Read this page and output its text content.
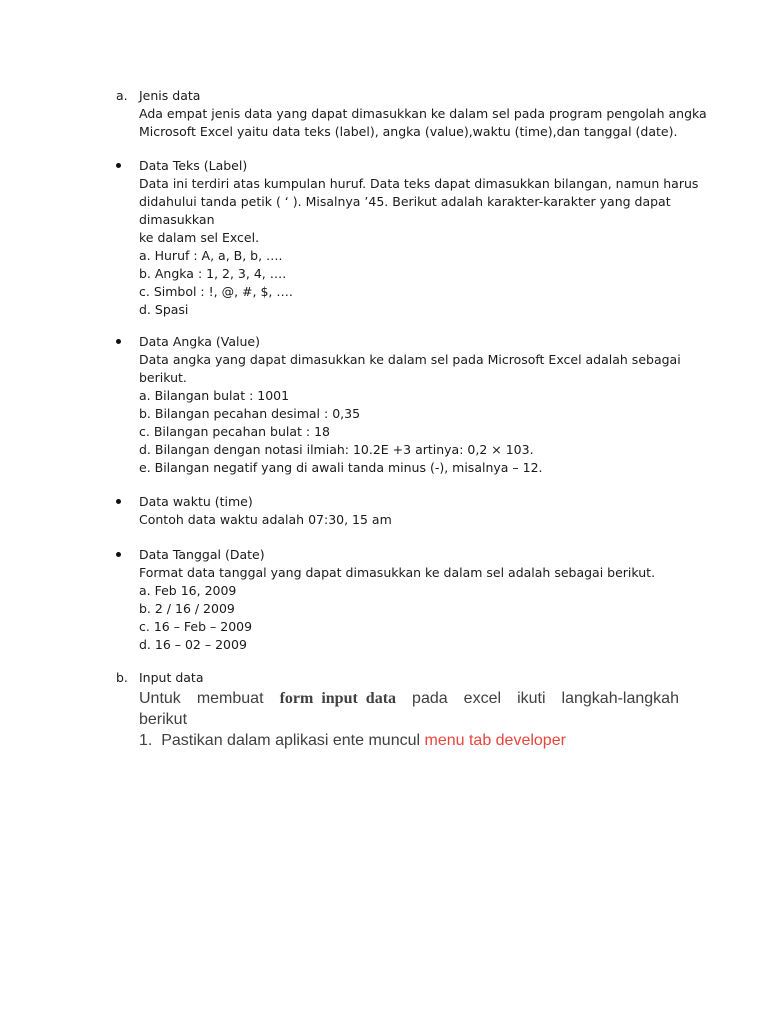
a. Jenis data
Ada empat jenis data yang dapat dimasukkan ke dalam sel pada program pengolah angka
Microsoft Excel yaitu data teks (label), angka (value),waktu (time),dan tanggal (date).
Data Teks (Label)
Data ini terdiri atas kumpulan huruf. Data teks dapat dimasukkan bilangan, namun harus
didahului tanda petik ( ‘ ). Misalnya ’45. Berikut adalah karakter-karakter yang dapat
dimasukkan
ke dalam sel Excel.
a. Huruf : A, a, B, b, ….
b. Angka : 1, 2, 3, 4, ….
c. Simbol : !, @, #, $, ….
d. Spasi
Data Angka (Value)
Data angka yang dapat dimasukkan ke dalam sel pada Microsoft Excel adalah sebagai
berikut.
a. Bilangan bulat : 1001
b. Bilangan pecahan desimal : 0,35
c. Bilangan pecahan bulat : 18
d. Bilangan dengan notasi ilmiah: 10.2E +3 artinya: 0,2 × 103.
e. Bilangan negatif yang di awali tanda minus (-), misalnya – 12.
Data waktu (time)
Contoh data waktu adalah 07:30, 15 am
Data Tanggal (Date)
Format data tanggal yang dapat dimasukkan ke dalam sel adalah sebagai berikut.
a. Feb 16, 2009
b. 2 / 16 / 2009
c. 16 – Feb – 2009
d. 16 – 02 – 2009
b. Input data
Untuk membuat form  input  data pada excel ikuti langkah-langkah
berikut
1. Pastikan dalam aplikasi ente muncul menu tab developer
